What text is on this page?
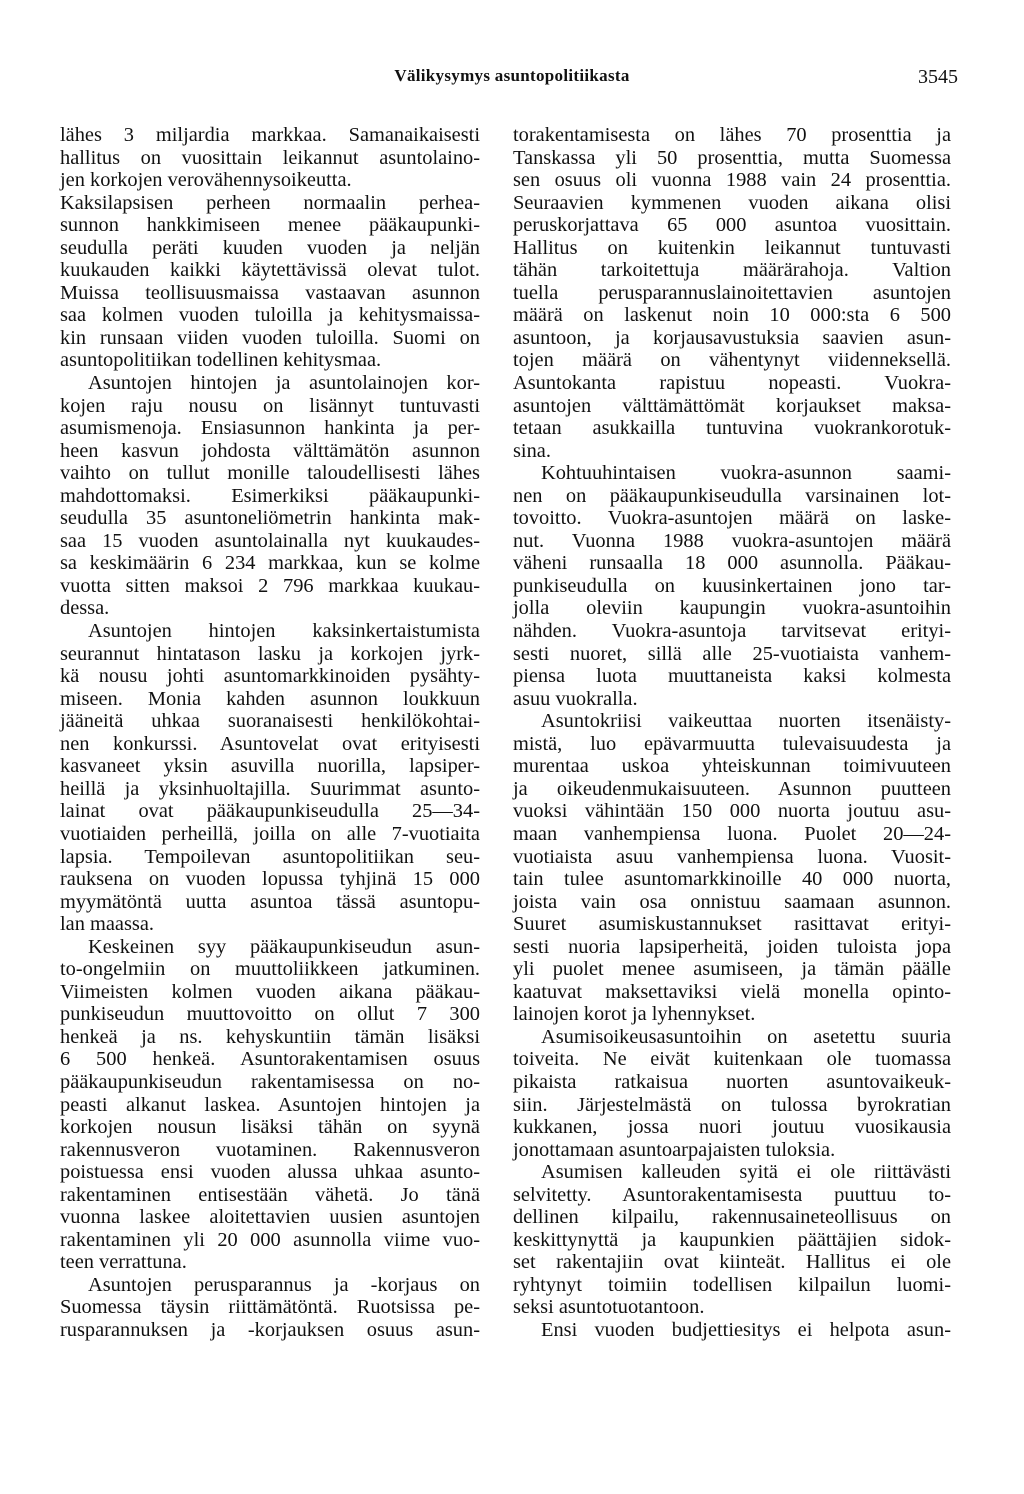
Välikysymys asuntopolitiikasta	3545
lähes 3 miljardia markkaa. Samanaikaisesti
hallitus on vuosittain leikannut asuntolaino-
jen korkojen verovähennysoikeutta.
Kaksilapsisen perheen normaalin perhea-
sunnon hankkimiseen menee pääkaupunki-
seudulla peräti kuuden vuoden ja neljän
kuukauden kaikki käytettävissä olevat tulot.
Muissa teollisuusmaissa vastaavan asunnon
saa kolmen vuoden tuloilla ja kehitysmaissa-
kin runsaan viiden vuoden tuloilla. Suomi on
asuntopolitiikan todellinen kehitysmaa.
Asuntojen hintojen ja asuntolainojen kor-
kojen raju nousu on lisännyt tuntuvasti
asumismenoja. Ensiasunnon hankinta ja per-
heen kasvun johdosta välttämätön asunnon
vaihto on tullut monille taloudellisesti lähes
mahdottomaksi. Esimerkiksi pääkaupunki-
seudulla 35 asuntoneliömetrin hankinta mak-
saa 15 vuoden asuntolainalla nyt kuukaudes-
sa keskimäärin 6 234 markkaa, kun se kolme
vuotta sitten maksoi 2 796 markkaa kuukau-
dessa.
Asuntojen hintojen kaksinkertaistumista
seurannut hintatason lasku ja korkojen jyrk-
kä nousu johti asuntomarkkinoiden pysähty-
miseen. Monia kahden asunnon loukkuun
jääneitä uhkaa suoranaisesti henkilökohtai-
nen konkurssi. Asuntovelat ovat erityisesti
kasvaneet yksin asuvilla nuorilla, lapsiper-
heillä ja yksinhuoltajilla. Suurimmat asunto-
lainat ovat pääkaupunkiseudulla 25—34-
vuotiaiden perheillä, joilla on alle 7-vuotiaita
lapsia. Tempoilevan asuntopolitiikan seu-
rauksena on vuoden lopussa tyhjinä 15 000
myymätöntä uutta asuntoa tässä asuntopu-
lan maassa.
Keskeinen syy pääkaupunkiseudun asun-
to-ongelmiin on muuttoliikkeen jatkuminen.
Viimeisten kolmen vuoden aikana pääkau-
punkiseudun muuttovoitto on ollut 7 300
henkeä ja ns. kehyskuntiin tämän lisäksi
6 500 henkeä. Asuntorakentamisen osuus
pääkaupunkiseudun rakentamisessa on no-
peasti alkanut laskea. Asuntojen hintojen ja
korkojen nousun lisäksi tähän on syynä
rakennusveron vuotaminen. Rakennusveron
poistuessa ensi vuoden alussa uhkaa asunto-
rakentaminen entisestään vähetä. Jo tänä
vuonna laskee aloitettavien uusien asuntojen
rakentaminen yli 20 000 asunnolla viime vuo-
teen verrattuna.
Asuntojen perusparannus ja -korjaus on
Suomessa täysin riittämätöntä. Ruotsissa pe-
rusparannuksen ja -korjauksen osuus asun-
torakentamisesta on lähes 70 prosenttia ja
Tanskassa yli 50 prosenttia, mutta Suomessa
sen osuus oli vuonna 1988 vain 24 prosenttia.
Seuraavien kymmenen vuoden aikana olisi
peruskorjattava 65 000 asuntoa vuosittain.
Hallitus on kuitenkin leikannut tuntuvasti
tähän tarkoitettuja määrärahoja. Valtion
tuella perusparannuslainoitettavien asuntojen
määrä on laskenut noin 10 000:sta 6 500
asuntoon, ja korjausavustuksia saavien asun-
tojen määrä on vähentynyt viidenneksellä.
Asuntokanta rapistuu nopeasti. Vuokra-
asuntojen välttämättömät korjaukset maksa-
tetaan asukkailla tuntuvina vuokrankorotuk-
sina.
Kohtuuhintaisen vuokra-asunnon saami-
nen on pääkaupunkiseudulla varsinainen lot-
tovoitto. Vuokra-asuntojen määrä on laske-
nut. Vuonna 1988 vuokra-asuntojen määrä
väheni runsaalla 18 000 asunnolla. Pääkau-
punkiseudulla on kuusinkertainen jono tar-
jolla oleviin kaupungin vuokra-asuntoihin
nähden. Vuokra-asuntoja tarvitsevat erityi-
sesti nuoret, sillä alle 25-vuotiaista vanhem-
piensa luota muuttaneista kaksi kolmesta
asuu vuokralla.
Asuntokriisi vaikeuttaa nuorten itsenäisty-
mistä, luo epävarmuutta tulevaisuudesta ja
murentaa uskoa yhteiskunnan toimivuuteen
ja oikeudenmukaisuuteen. Asunnon puutteen
vuoksi vähintään 150 000 nuorta joutuu asu-
maan vanhempiensa luona. Puolet 20—24-
vuotiaista asuu vanhempiensa luona. Vuosit-
tain tulee asuntomarkkinoille 40 000 nuorta,
joista vain osa onnistuu saamaan asunnon.
Suuret asumiskustannukset rasittavat erityi-
sesti nuoria lapsiperheitä, joiden tuloista jopa
yli puolet menee asumiseen, ja tämän päälle
kaatuvat maksettaviksi vielä monella opinto-
lainojen korot ja lyhennykset.
Asumisoikeusasuntoihin on asetettu suuria
toiveita. Ne eivät kuitenkaan ole tuomassa
pikaista ratkaisua nuorten asuntovaikeuk-
siin. Järjestelmästä on tulossa byrokratian
kukkanen, jossa nuori joutuu vuosikausia
jonottamaan asuntoarpajaisten tuloksia.
Asumisen kalleuden syitä ei ole riittävästi
selvitetty. Asuntorakentamisesta puuttuu to-
dellinen kilpailu, rakennusaineteollisuus on
keskittynyttä ja kaupunkien päättäjien sidok-
set rakentajiin ovat kiinteät. Hallitus ei ole
ryhtynyt toimiin todellisen kilpailun luomi-
seksi asuntotuotantoon.
Ensi vuoden budjettiesitys ei helpota asun-
